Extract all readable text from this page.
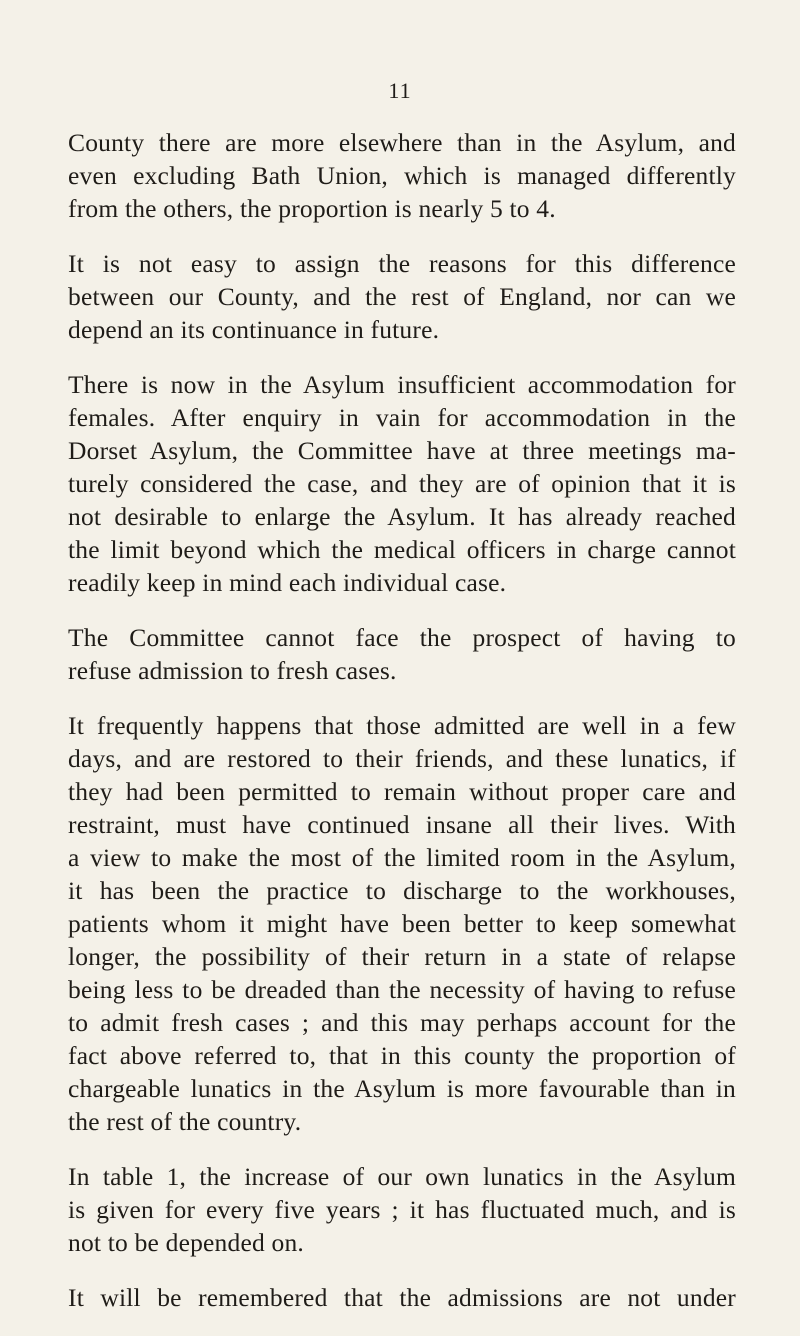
11

County there are more elsewhere than in the Asylum, and
even excluding Bath Union, which is managed differently
from the others, the proportion is nearly 5 to 4.

It is not easy to assign the reasons for this difference
between our County, and the rest of England, nor can we
depend an its continuance in future.

There is now in the Asylum insufficient accommodation for
females. After enquiry in vain for accommodation in the
Dorset Asylum, the Committee have at three meetings ma-
turely considered the case, and they are of opinion that it is
not desirable to enlarge the Asylum. It has already reached
the limit beyond which the medical officers in charge cannot
readily keep in mind each individual case.

The Committee cannot face the prospect of having to
refuse admission to fresh cases.

It frequently happens that those admitted are well in a few
days, and are restored to their friends, and these lunatics, if
they had been permitted to remain without proper care and
restraint, must have continued insane all their lives. With
a view to make the most of the limited room in the Asylum,
it has been the practice to discharge to the workhouses,
patients whom it might have been better to keep somewhat
longer, the possibility of their return in a state of relapse
being less to be dreaded than the necessity of having to refuse
to admit fresh cases ; and this may perhaps account for the
fact above referred to, that in this county the proportion of
chargeable lunatics in the Asylum is more favourable than in
the rest of the country.

In table 1, the increase of our own lunatics in the Asylum
is given for every five years ; it has fluctuated much, and is
not to be depended on.

It will be remembered that the admissions are not under
